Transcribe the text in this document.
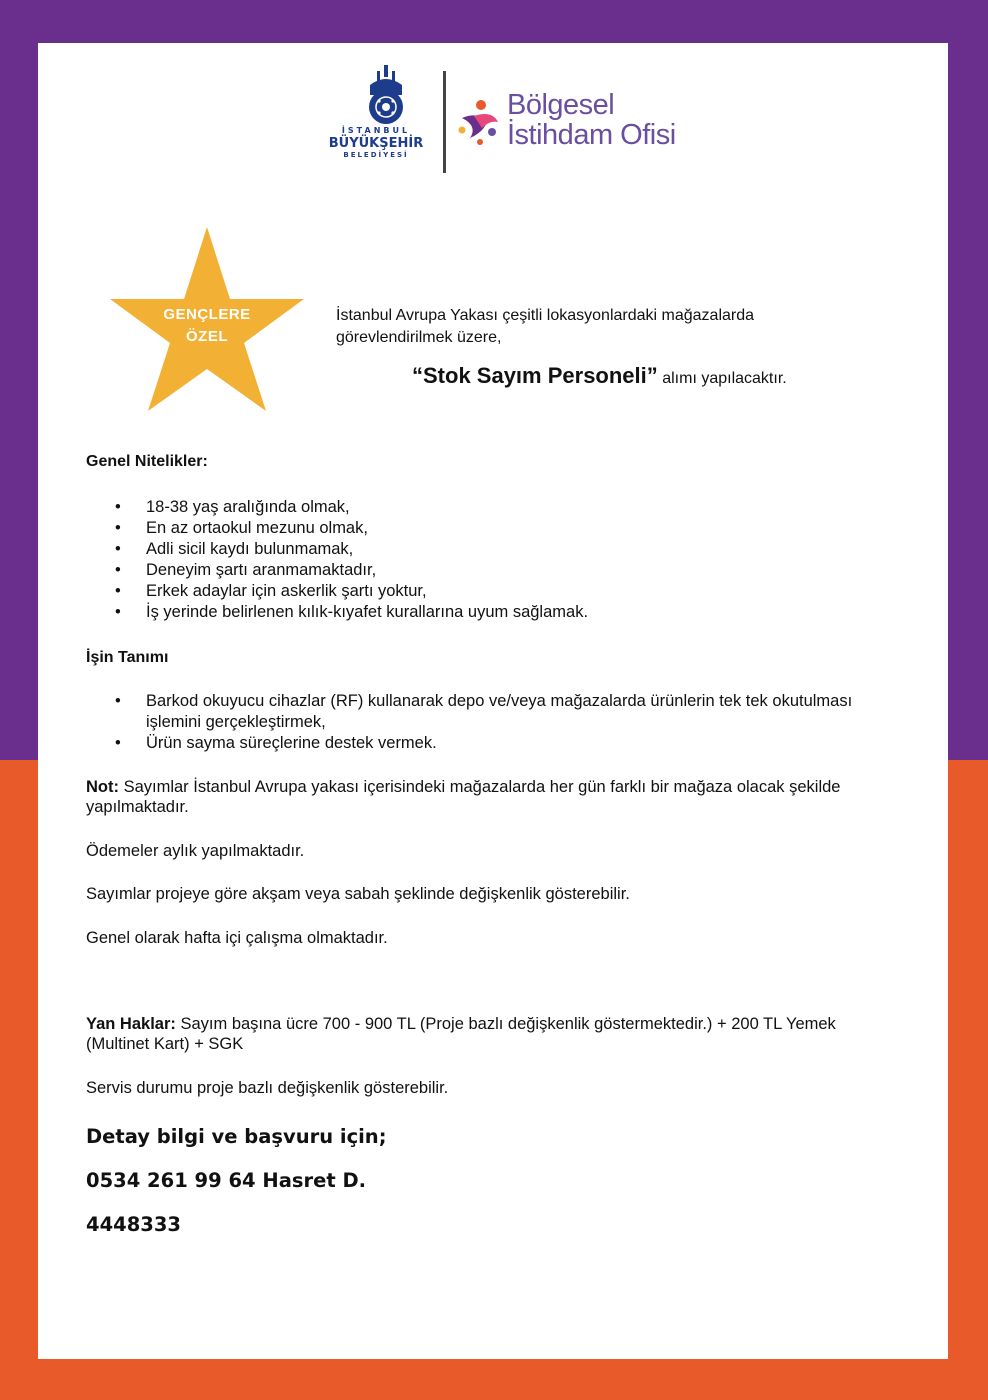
İSTANBUL
BÜYÜKŞEHİR
BELEDİYESİ
Bölgesel
İstihdam Ofisi
GENÇLERE
ÖZEL
İstanbul Avrupa Yakası çeşitli lokasyonlardaki mağazalarda görevlendirilmek üzere,
“Stok Sayım Personeli” alımı yapılacaktır.
Genel Nitelikler:
• 18-38 yaş aralığında olmak,
• En az ortaokul mezunu olmak,
• Adli sicil kaydı bulunmamak,
• Deneyim şartı aranmamaktadır,
• Erkek adaylar için askerlik şartı yoktur,
• İş yerinde belirlenen kılık-kıyafet kurallarına uyum sağlamak.
İşin Tanımı
• Barkod okuyucu cihazlar (RF) kullanarak depo ve/veya mağazalarda ürünlerin tek tek okutulması işlemini gerçekleştirmek,
• Ürün sayma süreçlerine destek vermek.
Not: Sayımlar İstanbul Avrupa yakası içerisindeki mağazalarda her gün farklı bir mağaza olacak şekilde yapılmaktadır.
Ödemeler aylık yapılmaktadır.
Sayımlar projeye göre akşam veya sabah şeklinde değişkenlik gösterebilir.
Genel olarak hafta içi çalışma olmaktadır.
Yan Haklar: Sayım başına ücre 700 - 900 TL (Proje bazlı değişkenlik göstermektedir.) + 200 TL Yemek (Multinet Kart) + SGK
Servis durumu proje bazlı değişkenlik gösterebilir.
Detay bilgi ve başvuru için;
0534 261 99 64 Hasret D.
4448333
